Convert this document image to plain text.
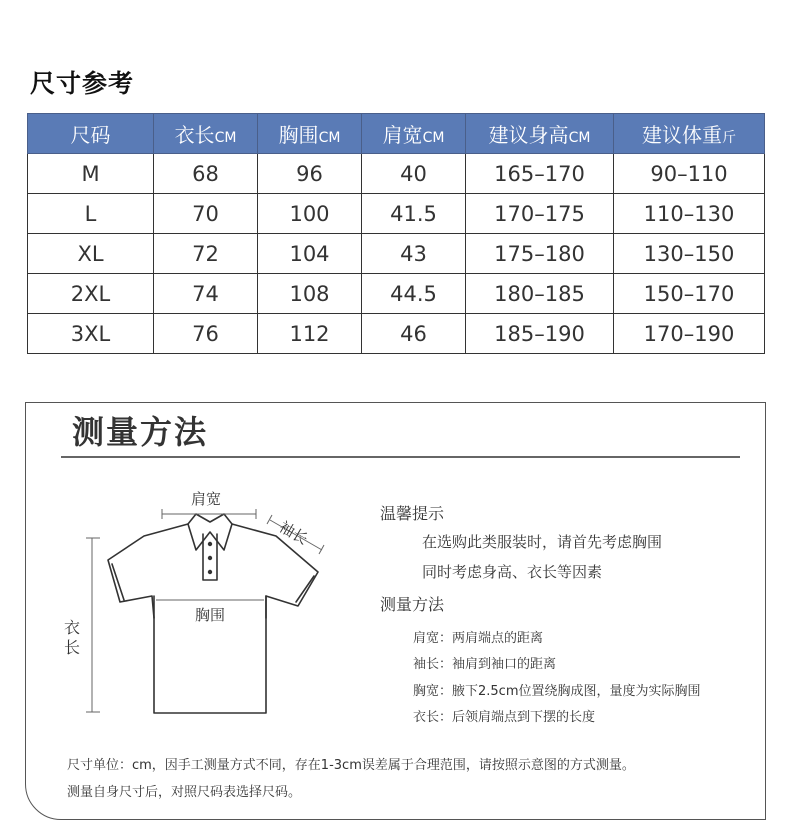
尺寸参考
尺码	衣长CM	胸围CM	肩宽CM	建议身高CM	建议体重斤
M	68	96	40	165–170	90–110
L	70	100	41.5	170–175	110–130
XL	72	104	43	175–180	130–150
2XL	74	108	44.5	180–185	150–170
3XL	76	112	46	185–190	170–190
测量方法
肩宽
胸围
袖长
衣长
温馨提示
在选购此类服装时，请首先考虑胸围
同时考虑身高、衣长等因素
测量方法
肩宽：两肩端点的距离
袖长：袖肩到袖口的距离
胸宽：腋下2.5cm位置绕胸成图，量度为实际胸围
衣长：后领肩端点到下摆的长度
尺寸单位：cm，因手工测量方式不同，存在1-3cm误差属于合理范围，请按照示意图的方式测量。
测量自身尺寸后，对照尺码表选择尺码。
